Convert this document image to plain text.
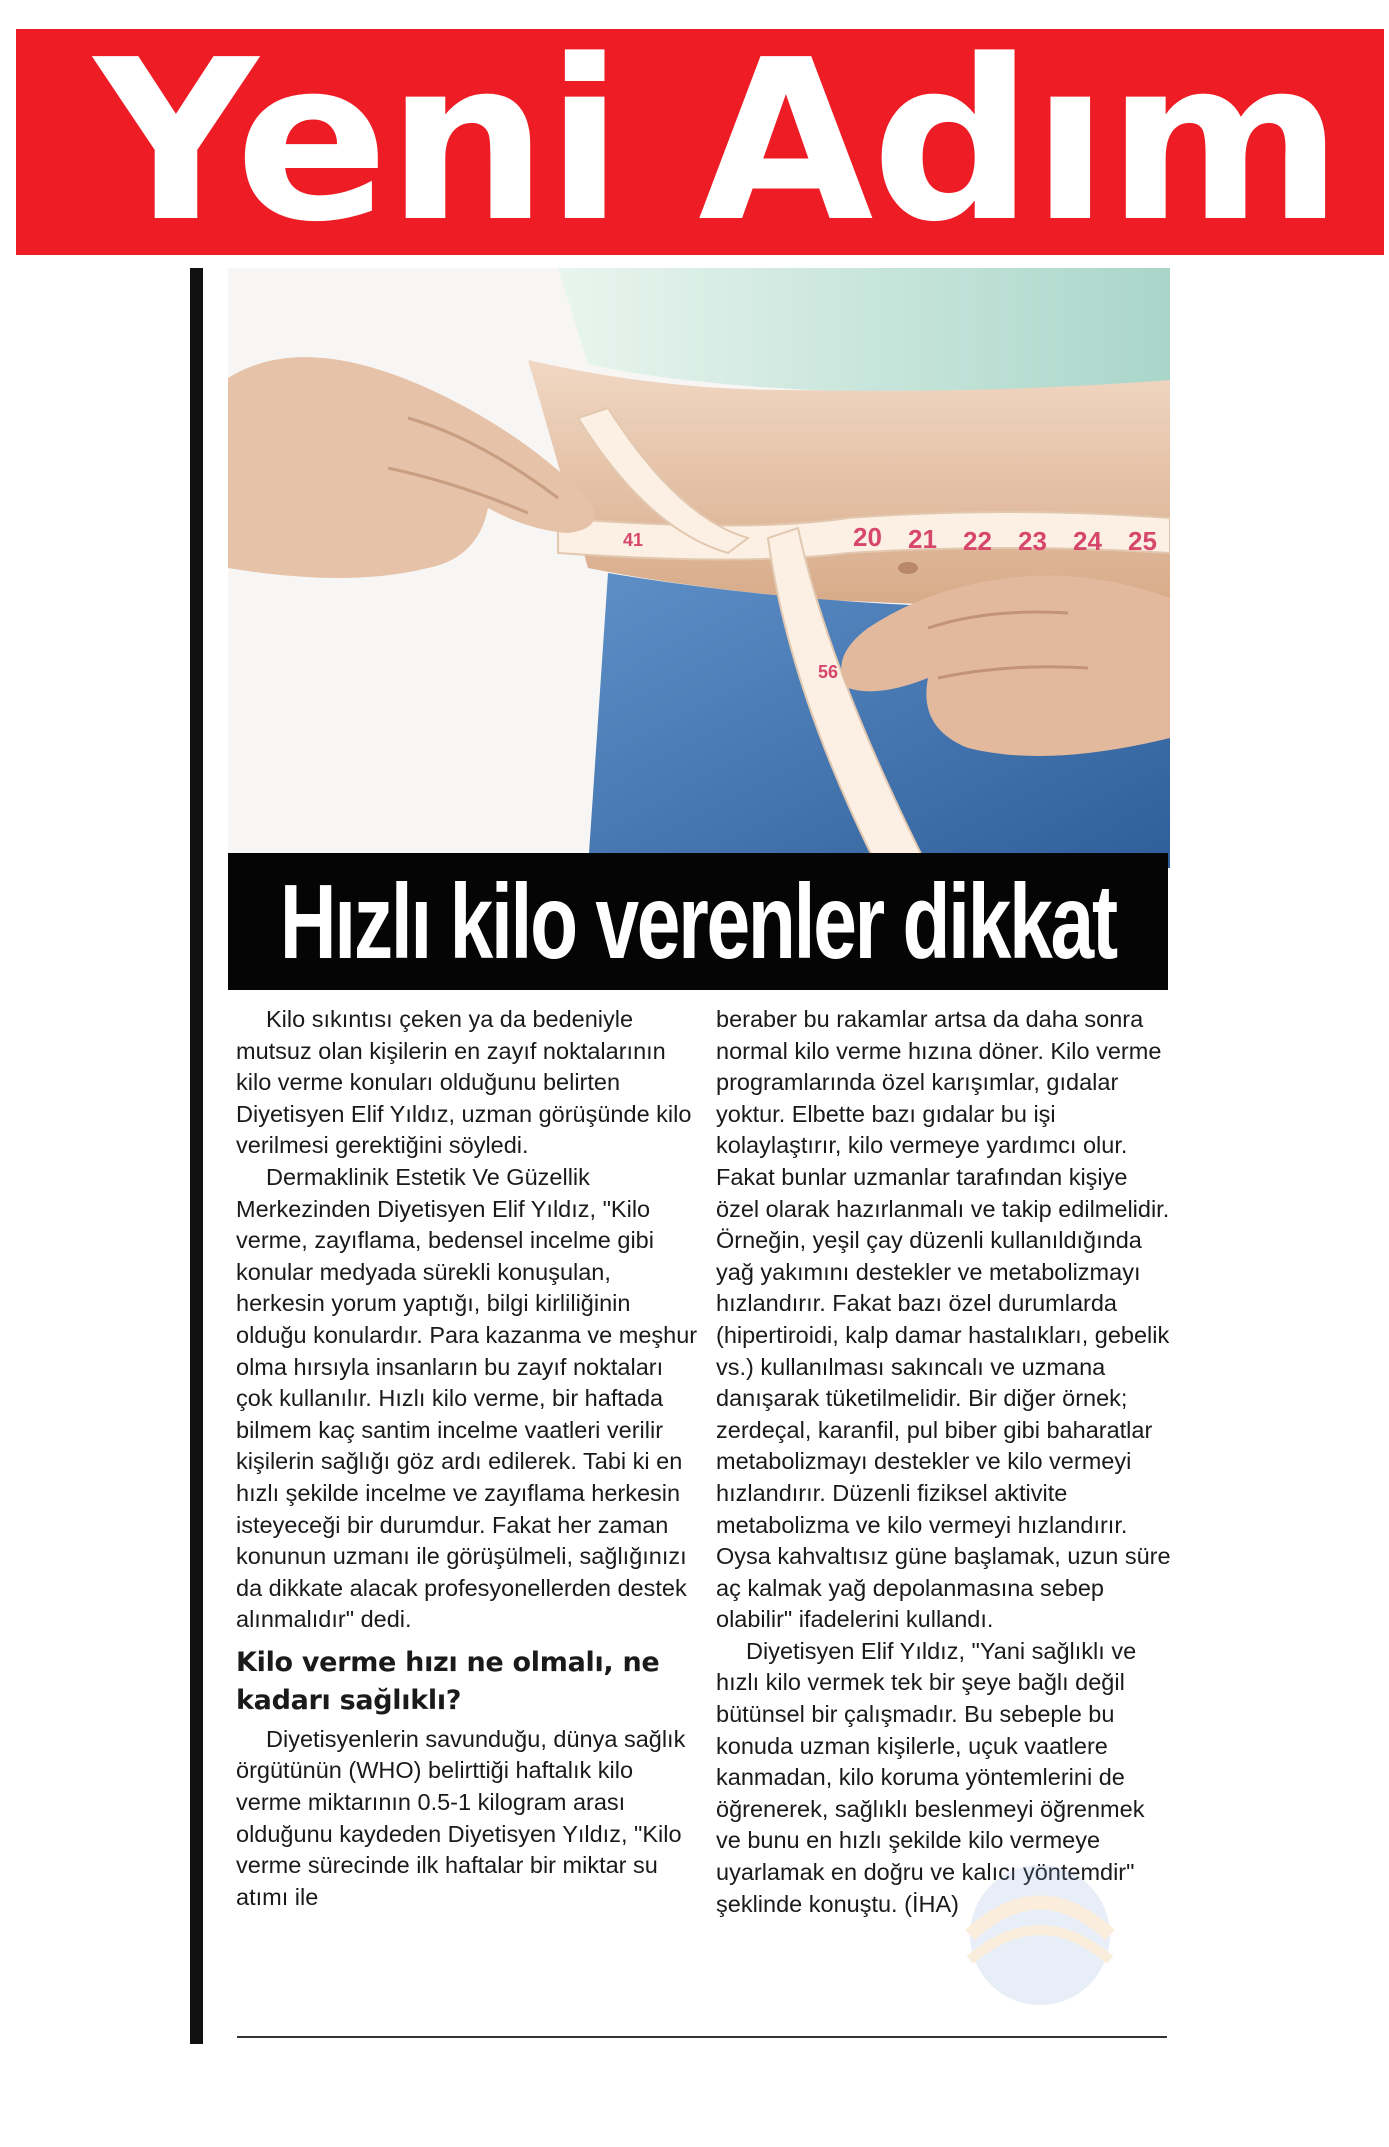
Yeni Adım
20 21 22 23 24 25
41
56
Hızlı kilo verenler dikkat

Kilo sıkıntısı çeken ya da bedeniyle mutsuz olan kişilerin en zayıf noktalarının kilo verme konuları olduğunu belirten Diyetisyen Elif Yıldız, uzman görüşünde kilo verilmesi gerektiğini söyledi.

Dermaklinik Estetik Ve Güzellik Merkezinden Diyetisyen Elif Yıldız, "Kilo verme, zayıflama, bedensel incelme gibi konular medyada sürekli konuşulan, herkesin yorum yaptığı, bilgi kirliliğinin olduğu konulardır. Para kazanma ve meşhur olma hırsıyla insanların bu zayıf noktaları çok kullanılır. Hızlı kilo verme, bir haftada bilmem kaç santim incelme vaatleri verilir kişilerin sağlığı göz ardı edilerek. Tabi ki en hızlı şekilde incelme ve zayıflama herkesin isteyeceği bir durumdur. Fakat her zaman konunun uzmanı ile görüşülmeli, sağlığınızı da dikkate alacak profesyonellerden destek alınmalıdır" dedi.

Kilo verme hızı ne olmalı, ne kadarı sağlıklı?

Diyetisyenlerin savunduğu, dünya sağlık örgütünün (WHO) belirttiği haftalık kilo verme miktarının 0.5-1 kilogram arası olduğunu kaydeden Diyetisyen Yıldız, "Kilo verme sürecinde ilk haftalar bir miktar su atımı ile

beraber bu rakamlar artsa da daha sonra normal kilo verme hızına döner. Kilo verme programlarında özel karışımlar, gıdalar yoktur. Elbette bazı gıdalar bu işi kolaylaştırır, kilo vermeye yardımcı olur. Fakat bunlar uzmanlar tarafından kişiye özel olarak hazırlanmalı ve takip edilmelidir. Örneğin, yeşil çay düzenli kullanıldığında yağ yakımını destekler ve metabolizmayı hızlandırır. Fakat bazı özel durumlarda (hipertiroidi, kalp damar hastalıkları, gebelik vs.) kullanılması sakıncalı ve uzmana danışarak tüketilmelidir. Bir diğer örnek; zerdeçal, karanfil, pul biber gibi baharatlar metabolizmayı destekler ve kilo vermeyi hızlandırır. Düzenli fiziksel aktivite metabolizma ve kilo vermeyi hızlandırır. Oysa kahvaltısız güne başlamak, uzun süre aç kalmak yağ depolanmasına sebep olabilir" ifadelerini kullandı.

Diyetisyen Elif Yıldız, "Yani sağlıklı ve hızlı kilo vermek tek bir şeye bağlı değil bütünsel bir çalışmadır. Bu sebeple bu konuda uzman kişilerle, uçuk vaatlere kanmadan, kilo koruma yöntemlerini de öğrenerek, sağlıklı beslenmeyi öğrenmek ve bunu en hızlı şekilde kilo vermeye uyarlamak en doğru ve kalıcı yöntemdir" şeklinde konuştu. (İHA)
